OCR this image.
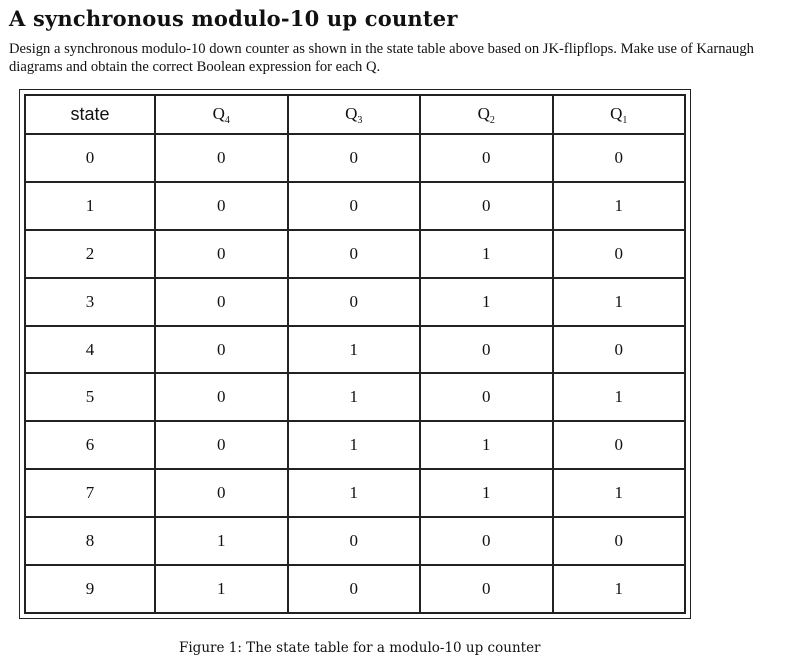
A synchronous modulo-10 up counter
Design a synchronous modulo-10 down counter as shown in the state table above based on JK-flipflops. Make use of Karnaugh diagrams and obtain the correct Boolean expression for each Q.
state	$Q_4$	$Q_3$	$Q_2$	$Q_1$
0	0	0	0	0
1	0	0	0	1
2	0	0	1	0
3	0	0	1	1
4	0	1	0	0
5	0	1	0	1
6	0	1	1	0
7	0	1	1	1
8	1	0	0	0
9	1	0	0	1
Figure 1: The state table for a modulo-10 up counter
